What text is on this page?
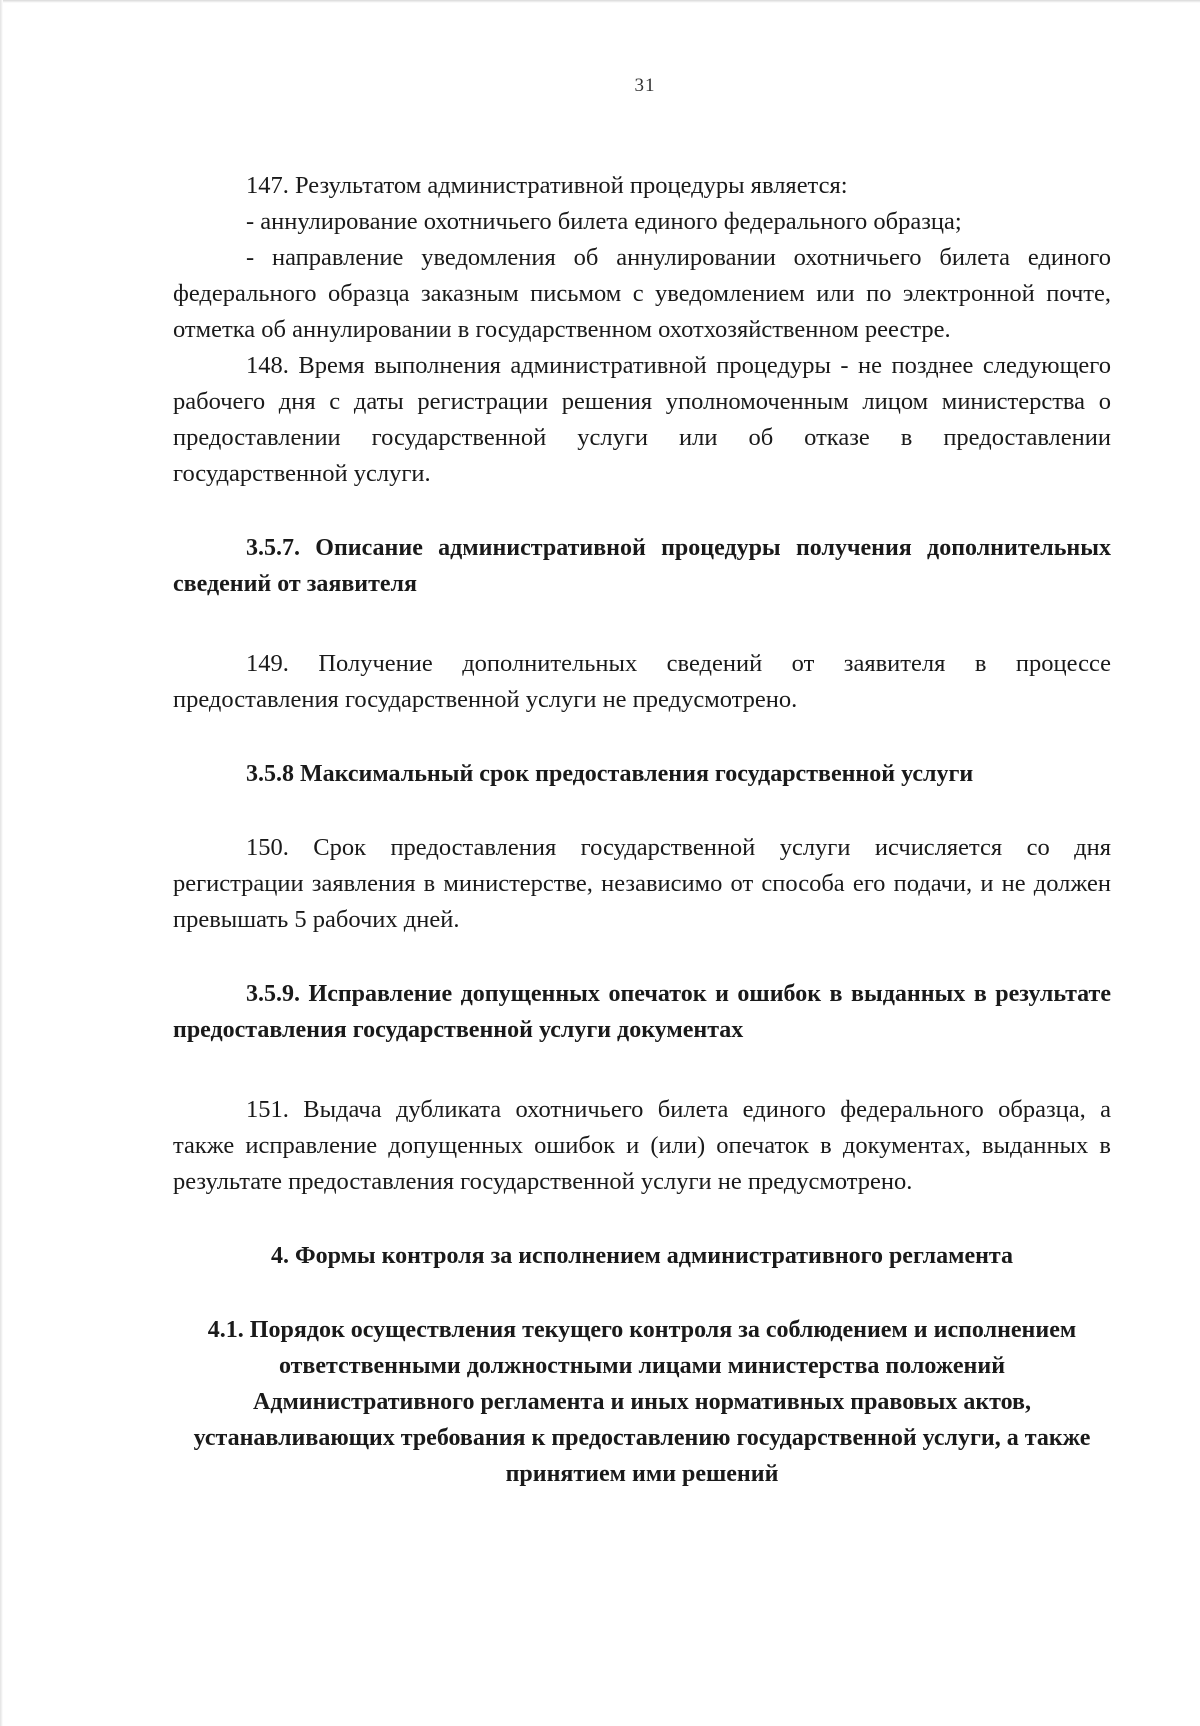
31

147. Результатом административной процедуры является:

- аннулирование охотничьего билета единого федерального образца;

- направление уведомления об аннулировании охотничьего билета единого федерального образца заказным письмом с уведомлением или по электронной почте, отметка об аннулировании в государственном охотхозяйственном реестре.

148. Время выполнения административной процедуры - не позднее следующего рабочего дня с даты регистрации решения уполномоченным лицом министерства о предоставлении государственной услуги или об отказе в предоставлении государственной услуги.

3.5.7. Описание административной процедуры получения дополнительных сведений от заявителя

149. Получение дополнительных сведений от заявителя в процессе предоставления государственной услуги не предусмотрено.

3.5.8 Максимальный срок предоставления государственной услуги

150. Срок предоставления государственной услуги исчисляется со дня регистрации заявления в министерстве, независимо от способа его подачи, и не должен превышать 5 рабочих дней.

3.5.9. Исправление допущенных опечаток и ошибок в выданных в результате предоставления государственной услуги документах

151. Выдача дубликата охотничьего билета единого федерального образца, а также исправление допущенных ошибок и (или) опечаток в документах, выданных в результате предоставления государственной услуги не предусмотрено.

4. Формы контроля за исполнением административного регламента
4.1. Порядок осуществления текущего контроля за соблюдением и исполнением ответственными должностными лицами министерства положений Административного регламента и иных нормативных правовых актов, устанавливающих требования к предоставлению государственной услуги, а также принятием ими решений
